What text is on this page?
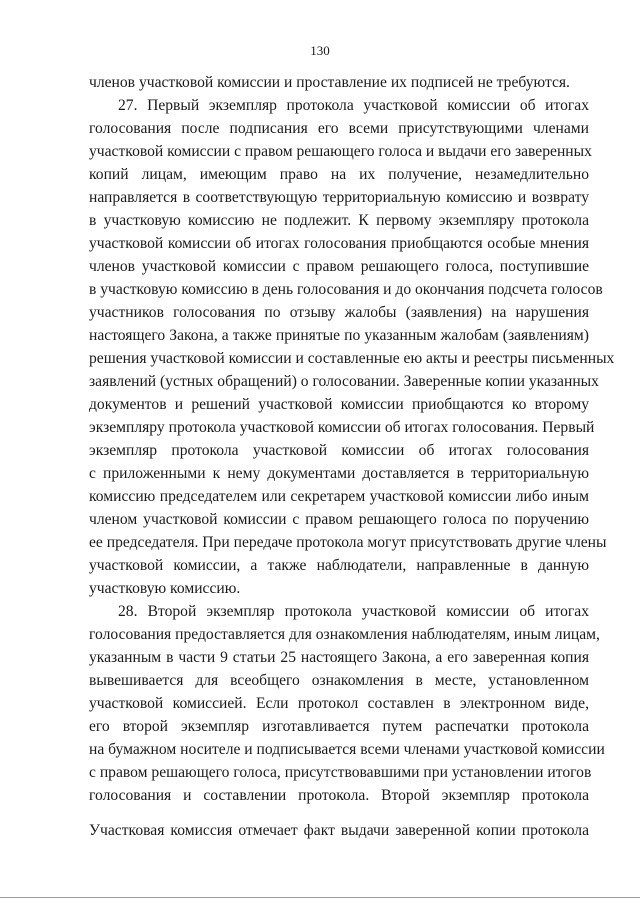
130
членов участковой комиссии и проставление их подписей не требуются.
27. Первый экземпляр протокола участковой комиссии об итогах
голосования после подписания его всеми присутствующими членами
участковой комиссии с правом решающего голоса и выдачи его заверенных
копий лицам, имеющим право на их получение, незамедлительно
направляется в соответствующую территориальную комиссию и возврату
в участковую комиссию не подлежит. К первому экземпляру протокола
участковой комиссии об итогах голосования приобщаются особые мнения
членов участковой комиссии с правом решающего голоса, поступившие
в участковую комиссию в день голосования и до окончания подсчета голосов
участников голосования по отзыву жалобы (заявления) на нарушения
настоящего Закона, а также принятые по указанным жалобам (заявлениям)
решения участковой комиссии и составленные ею акты и реестры письменных
заявлений (устных обращений) о голосовании. Заверенные копии указанных
документов и решений участковой комиссии приобщаются ко второму
экземпляру протокола участковой комиссии об итогах голосования. Первый
экземпляр протокола участковой комиссии об итогах голосования
с приложенными к нему документами доставляется в территориальную
комиссию председателем или секретарем участковой комиссии либо иным
членом участковой комиссии с правом решающего голоса по поручению
ее председателя. При передаче протокола могут присутствовать другие члены
участковой комиссии, а также наблюдатели, направленные в данную
участковую комиссию.
28. Второй экземпляр протокола участковой комиссии об итогах
голосования предоставляется для ознакомления наблюдателям, иным лицам,
указанным в части 9 статьи 25 настоящего Закона, а его заверенная копия
вывешивается для всеобщего ознакомления в месте, установленном
участковой комиссией. Если протокол составлен в электронном виде,
его второй экземпляр изготавливается путем распечатки протокола
на бумажном носителе и подписывается всеми членами участковой комиссии
с правом решающего голоса, присутствовавшими при установлении итогов
голосования и составлении протокола. Второй экземпляр протокола
Участковая комиссия отмечает факт выдачи заверенной копии протокола
